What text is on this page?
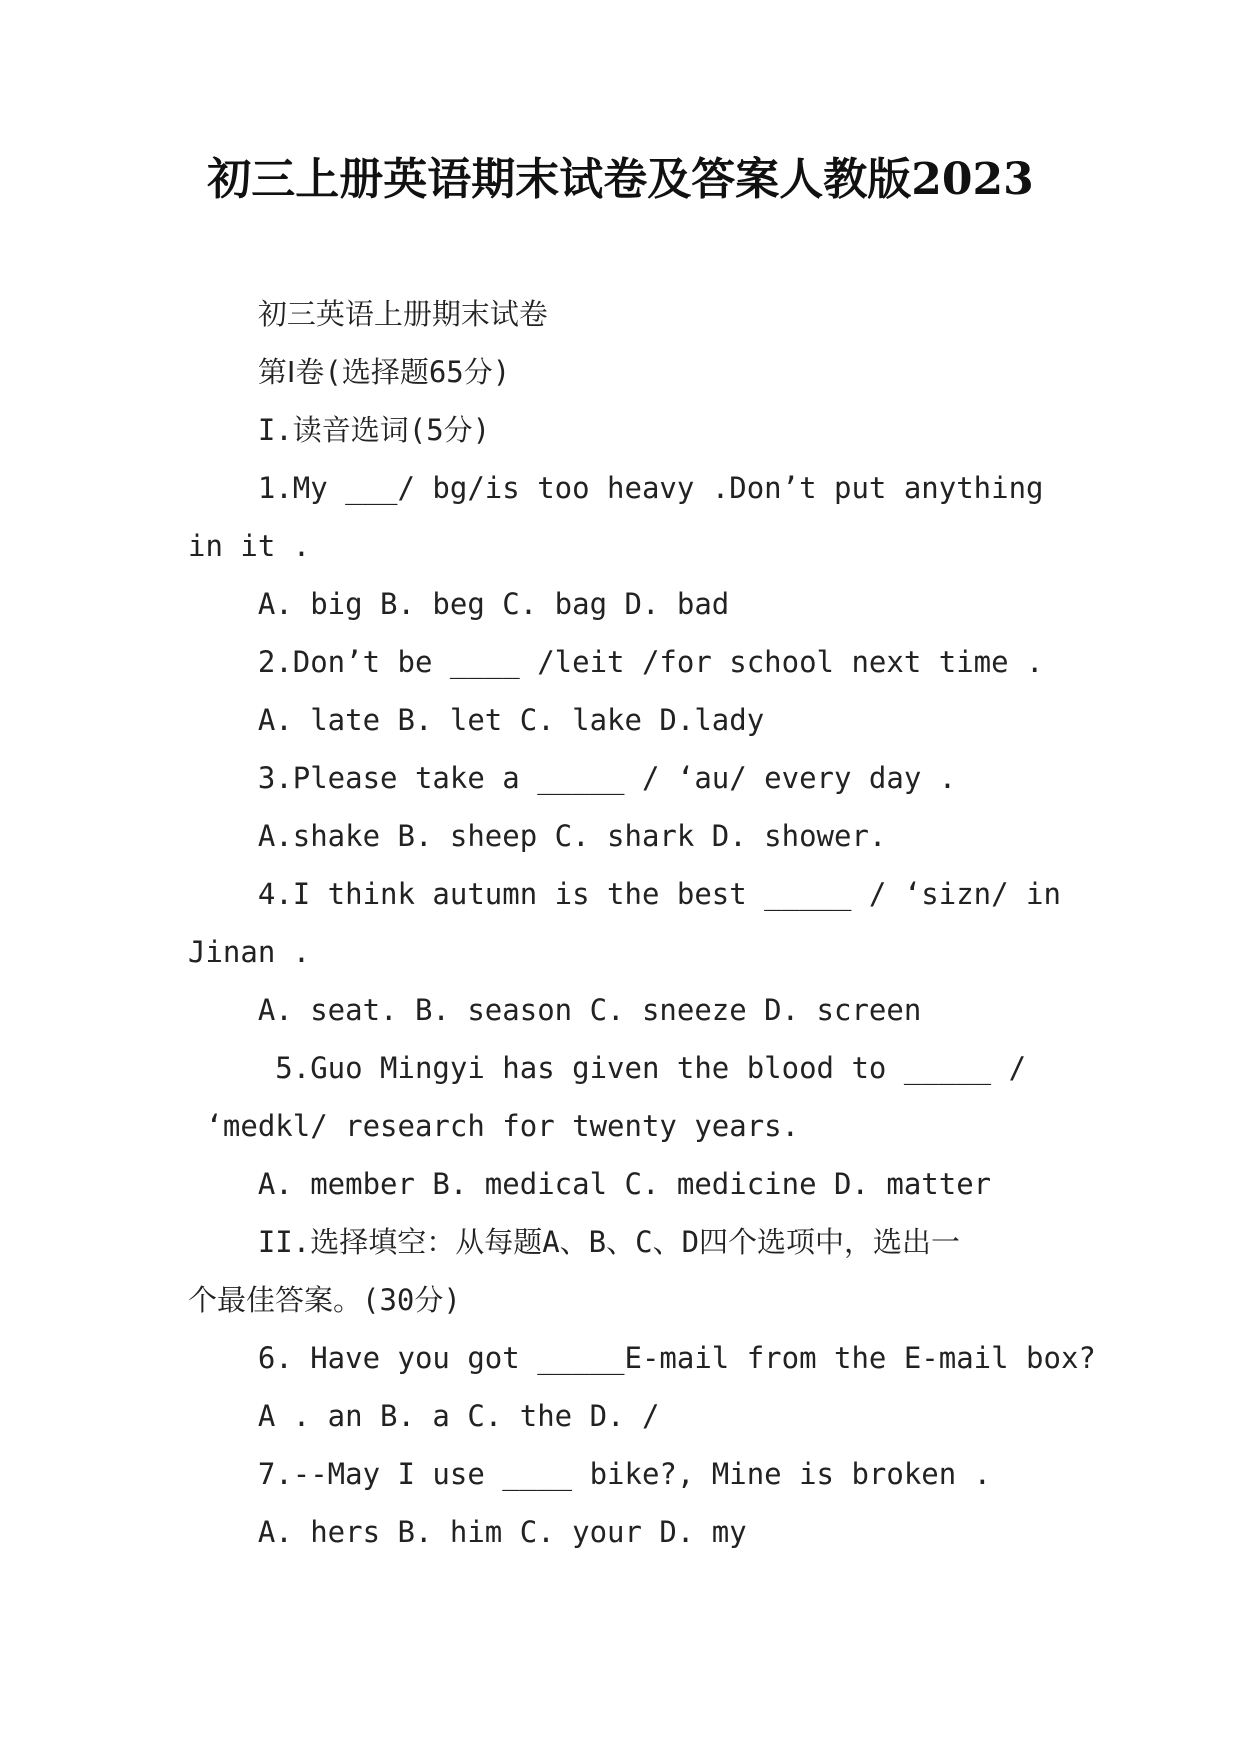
初三上册英语期末试卷及答案人教版2023
初三英语上册期末试卷
第Ⅰ卷(选择题65分)
I.读音选词(5分)
1.My ___/ bg/is too heavy .Don’t put anything
in it .
A. big B. beg C. bag D. bad
2.Don’t be ____ /leit /for school next time .
A. late B. let C. lake D.lady
3.Please take a _____ / ‘au/ every day .
A.shake B. sheep C. shark D. shower.
4.I think autumn is the best _____ / ‘sizn/ in
Jinan .
A. seat. B. season C. sneeze D. screen
5.Guo Mingyi has given the blood to _____ /
‘medkl/ research for twenty years.
A. member B. medical C. medicine D. matter
II.选择填空：从每题A、B、C、D四个选项中，选出一
个最佳答案。(30分)
6. Have you got _____E-mail from the E-mail box?
A . an B. a C. the D. /
7.--May I use ____ bike?, Mine is broken .
A. hers B. him C. your D. my
